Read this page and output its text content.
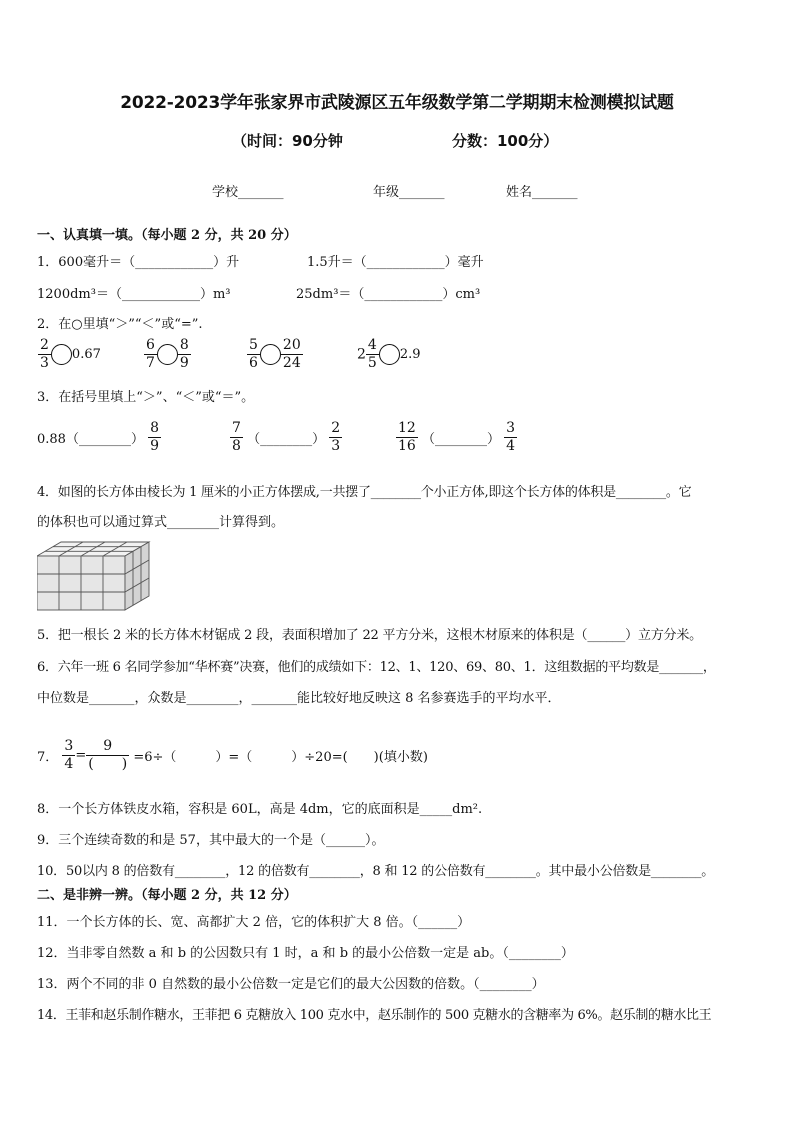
2022-2023学年张家界市武陵源区五年级数学第二学期期末检测模拟试题
（时间：90分钟	分数：100分）
学校_______	年级_______	姓名_______
一、认真填一填。（每小题 2 分，共 20 分）
1．600毫升＝（____________）升	1.5升＝（____________）毫升
1200dm³＝（____________）m³	25dm³＝（____________）cm³
2．在○里填“＞”“＜”或“=”.
$\frac{2}{3} 0.67$	$\frac{6}{7} \frac{8}{9}$	$\frac{5}{6} \frac{20}{24}$	$2 \frac{4}{5} 2.9$
3．在括号里填上“＞”、“＜”或“＝”。
0.88（________） $\frac{8}{9}$	$\frac{7}{8}$ （________） $\frac{2}{3}$	$\frac{12}{16}$ （________） $\frac{3}{4}$
4．如图的长方体由棱长为 1 厘米的小正方体摆成,一共摆了________个小正方体,即这个长方体的体积是________。它
的体积也可以通过算式________计算得到。
5．把一根长 2 米的长方体木材锯成 2 段，表面积增加了 22 平方分米，这根木材原来的体积是（______）立方分米。
6．六年一班 6 名同学参加“华杯赛”决赛，他们的成绩如下：12、1、120、69、80、1．这组数据的平均数是_______，
中位数是_______，众数是________，_______能比较好地反映这 8 名参赛选手的平均水平．
7． $\frac{3}{4} = \frac{9}{( )} =6\div$（　　　）=（　　　）÷20=(　　)(填小数)
8．一个长方体铁皮水箱，容积是 60L，高是 4dm，它的底面积是_____dm².
9．三个连续奇数的和是 57，其中最大的一个是（______）。
10．50以内 8 的倍数有________，12 的倍数有________，8 和 12 的公倍数有________。其中最小公倍数是________。
二、是非辨一辨。（每小题 2 分，共 12 分）
11．一个长方体的长、宽、高都扩大 2 倍，它的体积扩大 8 倍。（______）
12．当非零自然数 a 和 b 的公因数只有 1 时，a 和 b 的最小公倍数一定是 ab。（________）
13．两个不同的非 0 自然数的最小公倍数一定是它们的最大公因数的倍数。（________）
14．王菲和赵乐制作糖水，王菲把 6 克糖放入 100 克水中，赵乐制作的 500 克糖水的含糖率为 6%。赵乐制的糖水比王
